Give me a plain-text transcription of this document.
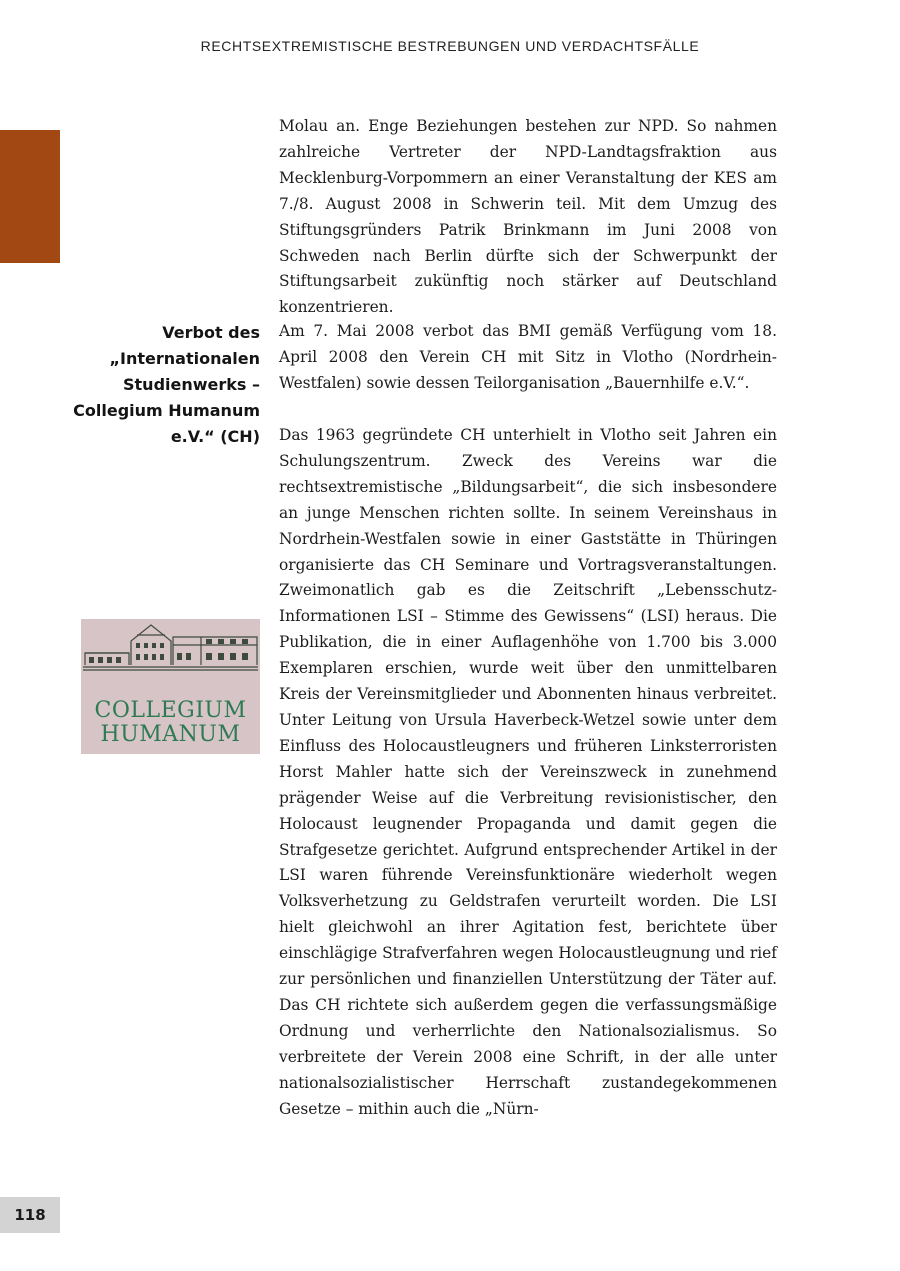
RECHTSEXTREMISTISCHE BESTREBUNGEN UND VERDACHTSFÄLLE
Verbot des „Internationalen Studienwerks – Collegium Humanum e.V.“ (CH)

Molau an. Enge Beziehungen bestehen zur NPD. So nahmen zahlreiche Vertreter der NPD-Landtagsfraktion aus Mecklenburg-Vorpommern an einer Veranstaltung der KES am 7./8. August 2008 in Schwerin teil. Mit dem Umzug des Stiftungsgründers Patrik Brinkmann im Juni 2008 von Schweden nach Berlin dürfte sich der Schwerpunkt der Stiftungsarbeit zukünftig noch stärker auf Deutschland konzentrieren.

Am 7. Mai 2008 verbot das BMI gemäß Verfügung vom 18. April 2008 den Verein CH mit Sitz in Vlotho (Nordrhein-Westfalen) sowie dessen Teilorganisation „Bauernhilfe e.V.“.

Das 1963 gegründete CH unterhielt in Vlotho seit Jahren ein Schulungszentrum. Zweck des Vereins war die rechtsextremistische „Bildungsarbeit“, die sich insbesondere an junge Menschen richten sollte. In seinem Vereinshaus in Nordrhein-Westfalen sowie in einer Gaststätte in Thüringen organisierte das CH Seminare und Vortragsveranstaltungen. Zweimonatlich gab es die Zeitschrift „Lebensschutz-Informationen LSI – Stimme des Gewissens“ (LSI) heraus. Die Publikation, die in einer Auflagenhöhe von 1.700 bis 3.000 Exemplaren erschien, wurde weit über den unmittelbaren Kreis der Vereinsmitglieder und Abonnenten hinaus verbreitet. Unter Leitung von Ursula Haverbeck-Wetzel sowie unter dem Einfluss des Holocaustleugners und früheren Linksterroristen Horst Mahler hatte sich der Vereinszweck in zunehmend prägender Weise auf die Verbreitung revisionistischer, den Holocaust leugnender Propaganda und damit gegen die Strafgesetze gerichtet. Aufgrund entsprechender Artikel in der LSI waren führende Vereinsfunktionäre wiederholt wegen Volksverhetzung zu Geldstrafen verurteilt worden. Die LSI hielt gleichwohl an ihrer Agitation fest, berichtete über einschlägige Strafverfahren wegen Holocaustleugnung und rief zur persönlichen und finanziellen Unterstützung der Täter auf. Das CH richtete sich außerdem gegen die verfassungsmäßige Ordnung und verherrlichte den Nationalsozialismus. So verbreitete der Verein 2008 eine Schrift, in der alle unter nationalsozialistischer Herrschaft zustandegekommenen Gesetze – mithin auch die „Nürn-

COLLEGIUM
HUMANUM
118
